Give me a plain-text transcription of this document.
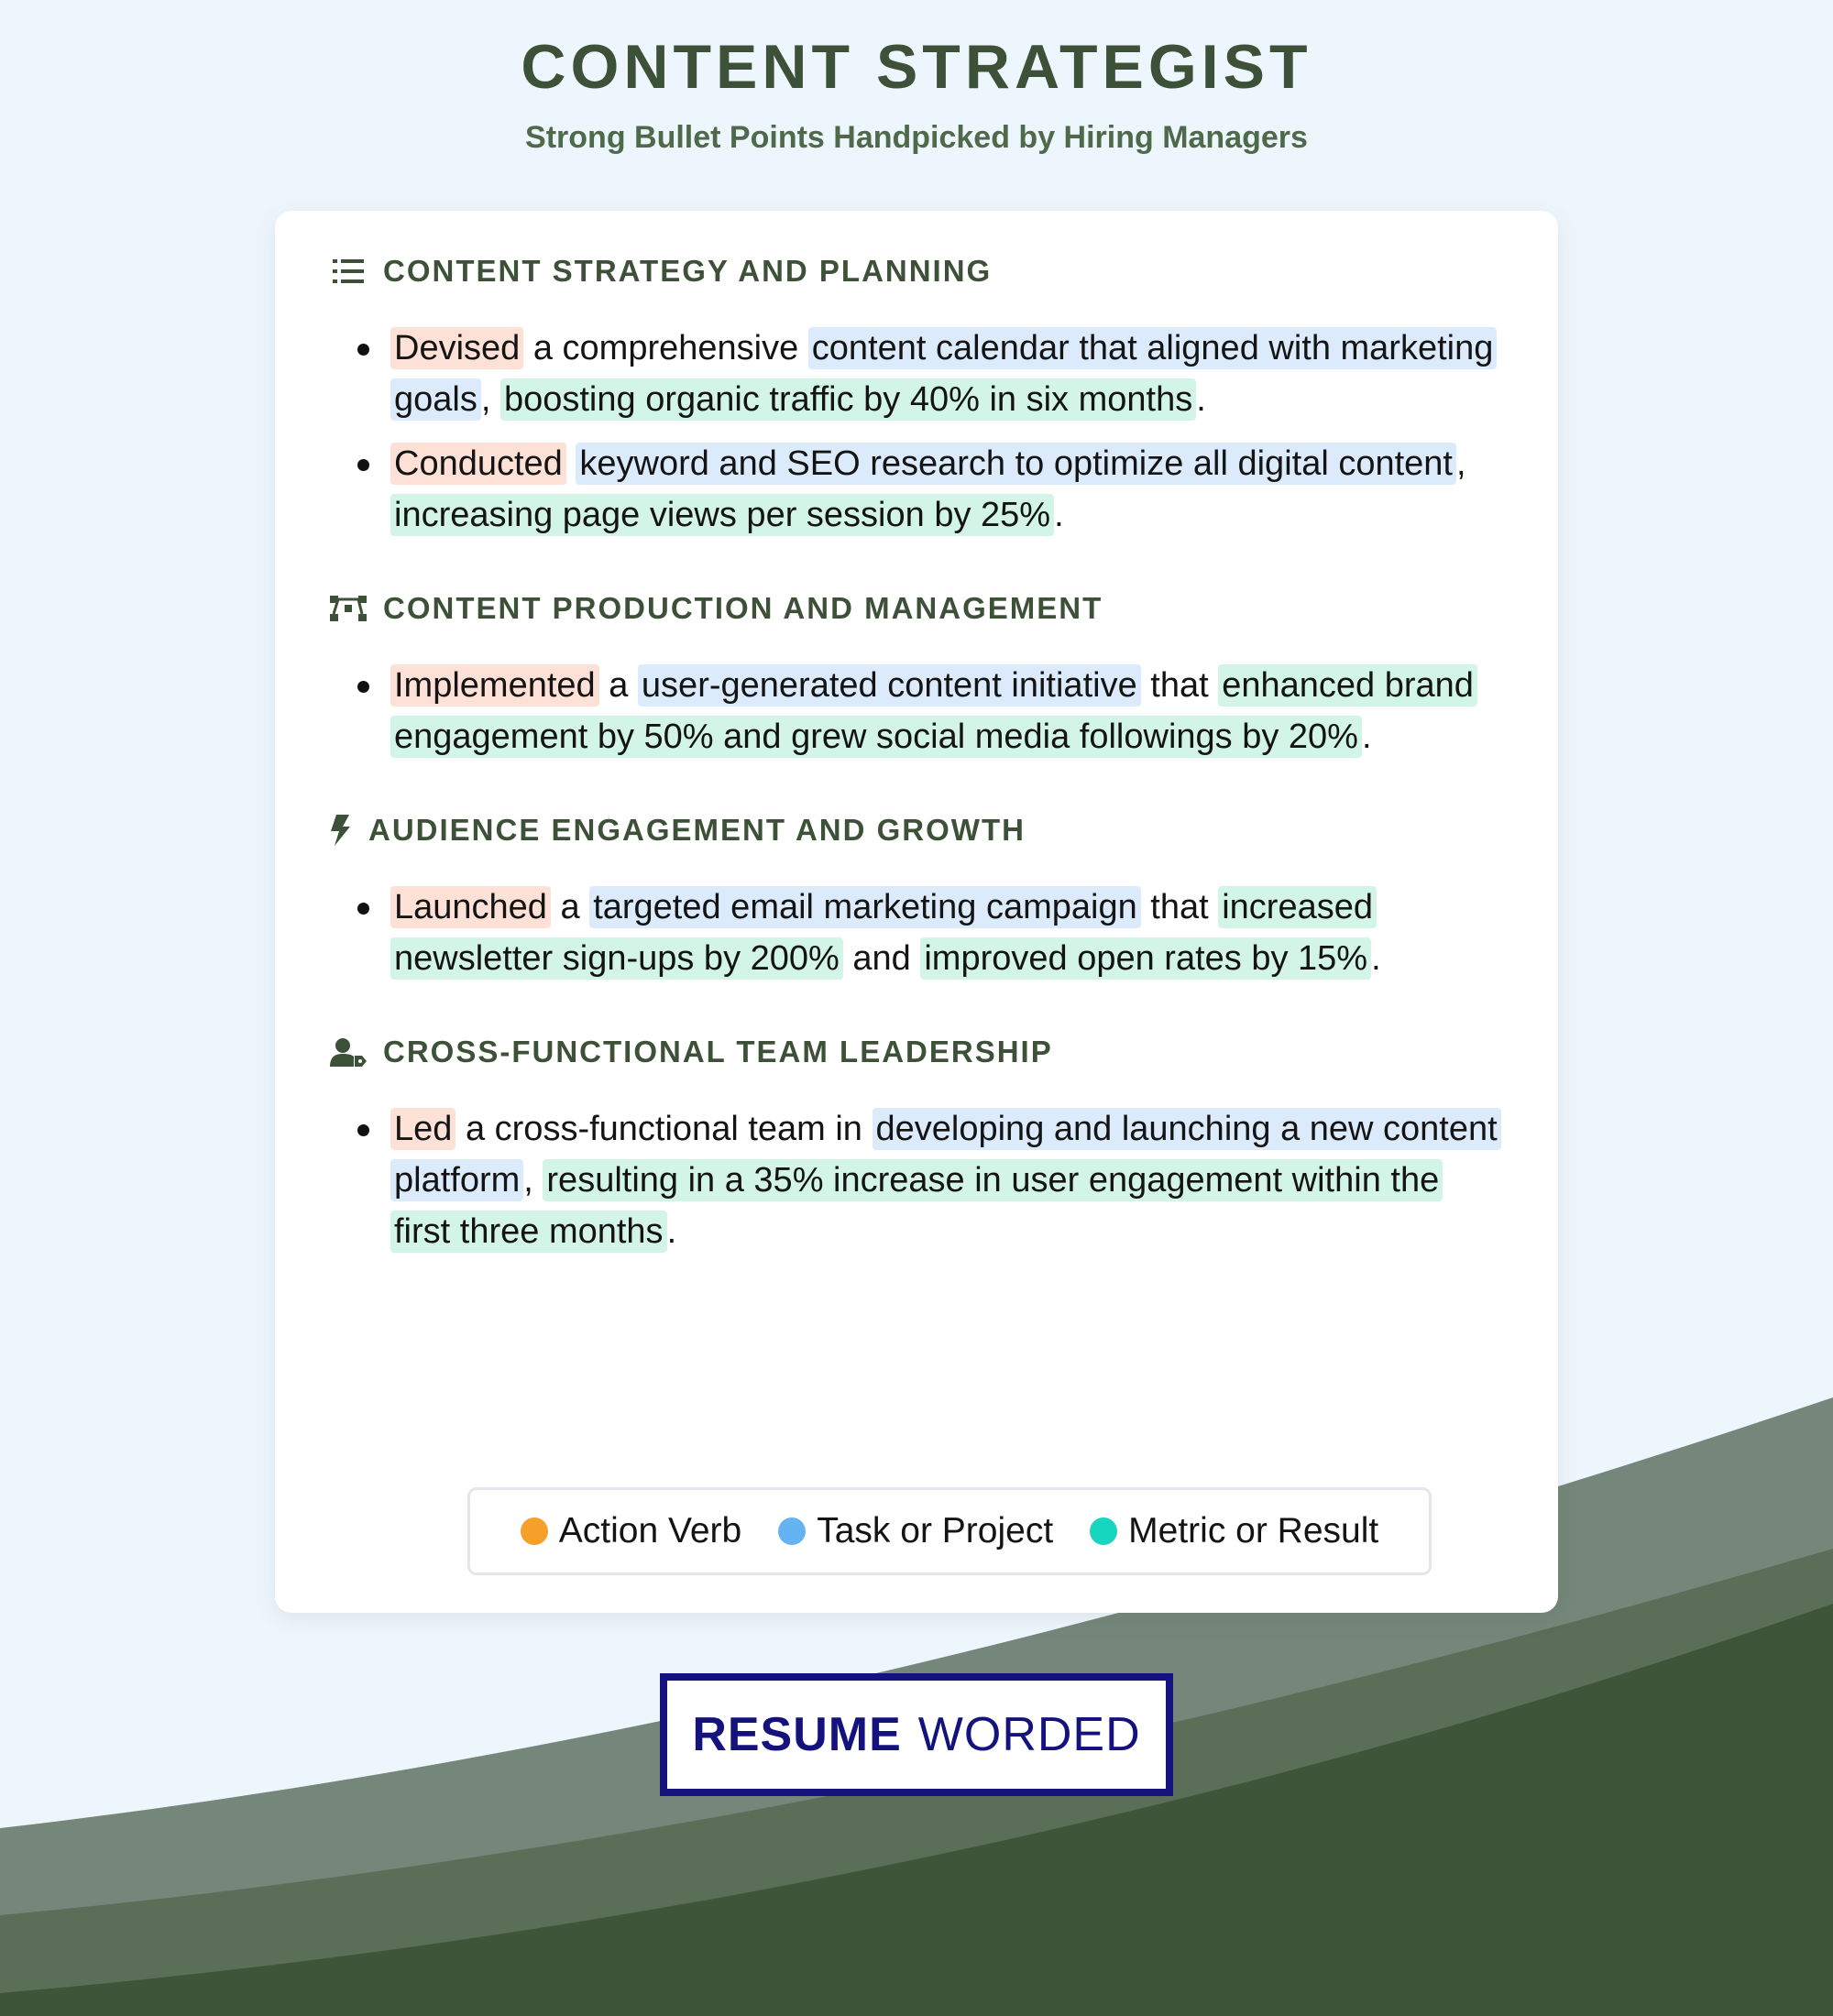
CONTENT STRATEGIST

Strong Bullet Points Handpicked by Hiring Managers

CONTENT STRATEGY AND PLANNING
Devised a comprehensive content calendar that aligned with marketing goals , boosting organic traffic by 40% in six months .
Conducted keyword and SEO research to optimize all digital content , increasing page views per session by 25% .
CONTENT PRODUCTION AND MANAGEMENT
Implemented a user-generated content initiative that enhanced brand engagement by 50% and grew social media followings by 20% .
AUDIENCE ENGAGEMENT AND GROWTH
Launched a targeted email marketing campaign that increased newsletter sign-ups by 200% and improved open rates by 15% .
CROSS-FUNCTIONAL TEAM LEADERSHIP
Led a cross-functional team in developing and launching a new content platform , resulting in a 35% increase in user engagement within the first three months .
Action Verb Task or Project Metric or Result
RESUME WORDED
